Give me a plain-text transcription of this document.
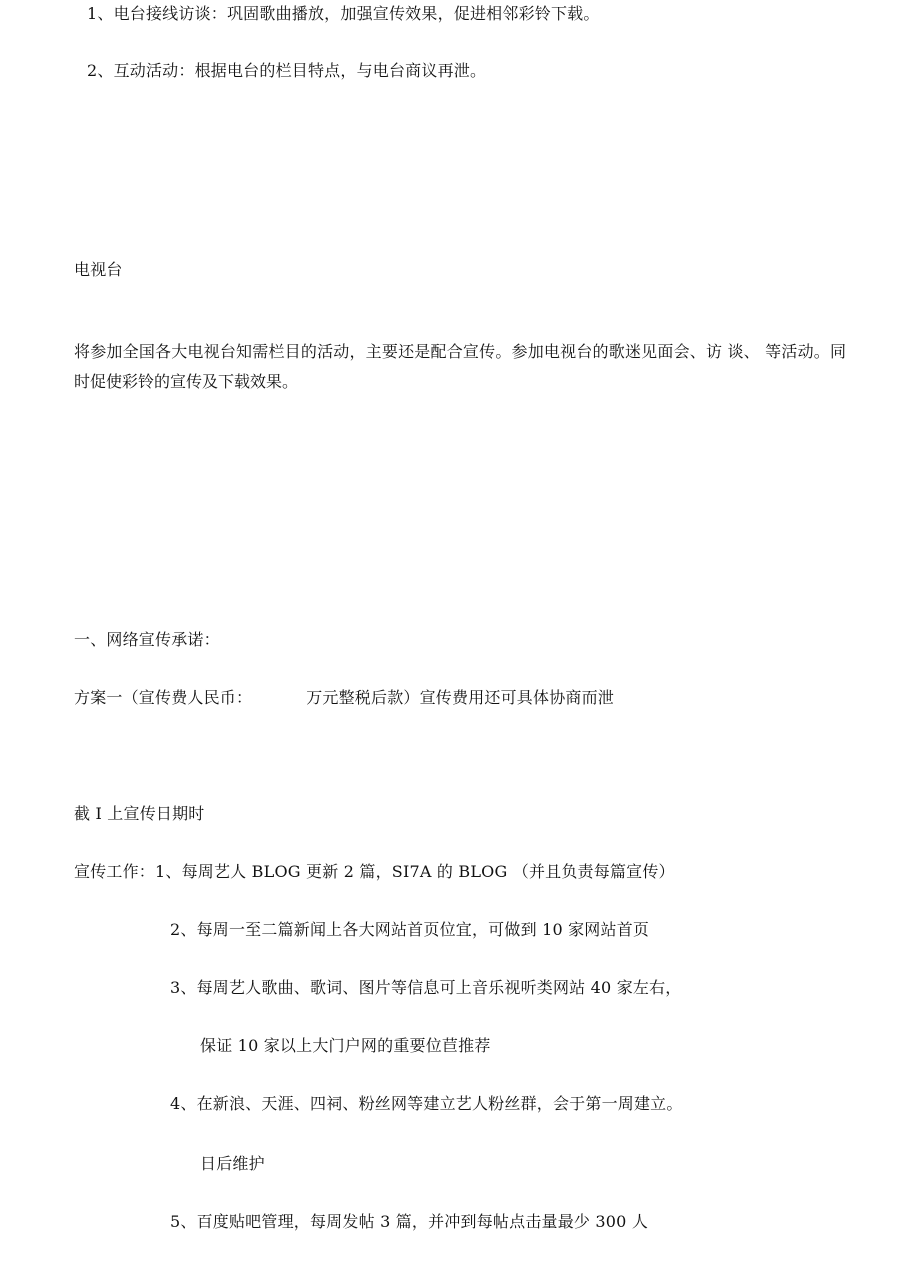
1、电台接线访谈：巩固歌曲播放，加强宣传效果，促进相邻彩铃下载。
2、互动活动：根据电台的栏目特点，与电台商议再泄。
电视台
将参加全国各大电视台知需栏目的活动，主要还是配合宣传。参加电视台的歌迷见面会、访 谈、 等活动。同时促使彩铃的宣传及下载效果。
一、网络宣传承诺：
方案一（宣传费人民币：	万元整税后款）宣传费用还可具体协商而泄
截 I 上宣传日期时
宣传工作：1、每周艺人 BLOG 更新 2 篇，SI7A 的 BLOG （并且负责每篇宣传）
2、每周一至二篇新闻上各大网站首页位宜，可做到 10 家网站首页
3、每周艺人歌曲、歌词、图片等信息可上音乐视听类网站 40 家左右，
保证 10 家以上大门户网的重要位苣推荐
4、在新浪、天涯、四祠、粉丝网等建立艺人粉丝群，会于第一周建立。
日后维护
5、百度贴吧管理，每周发帖 3 篇，并冲到每帖点击量最少 300 人
